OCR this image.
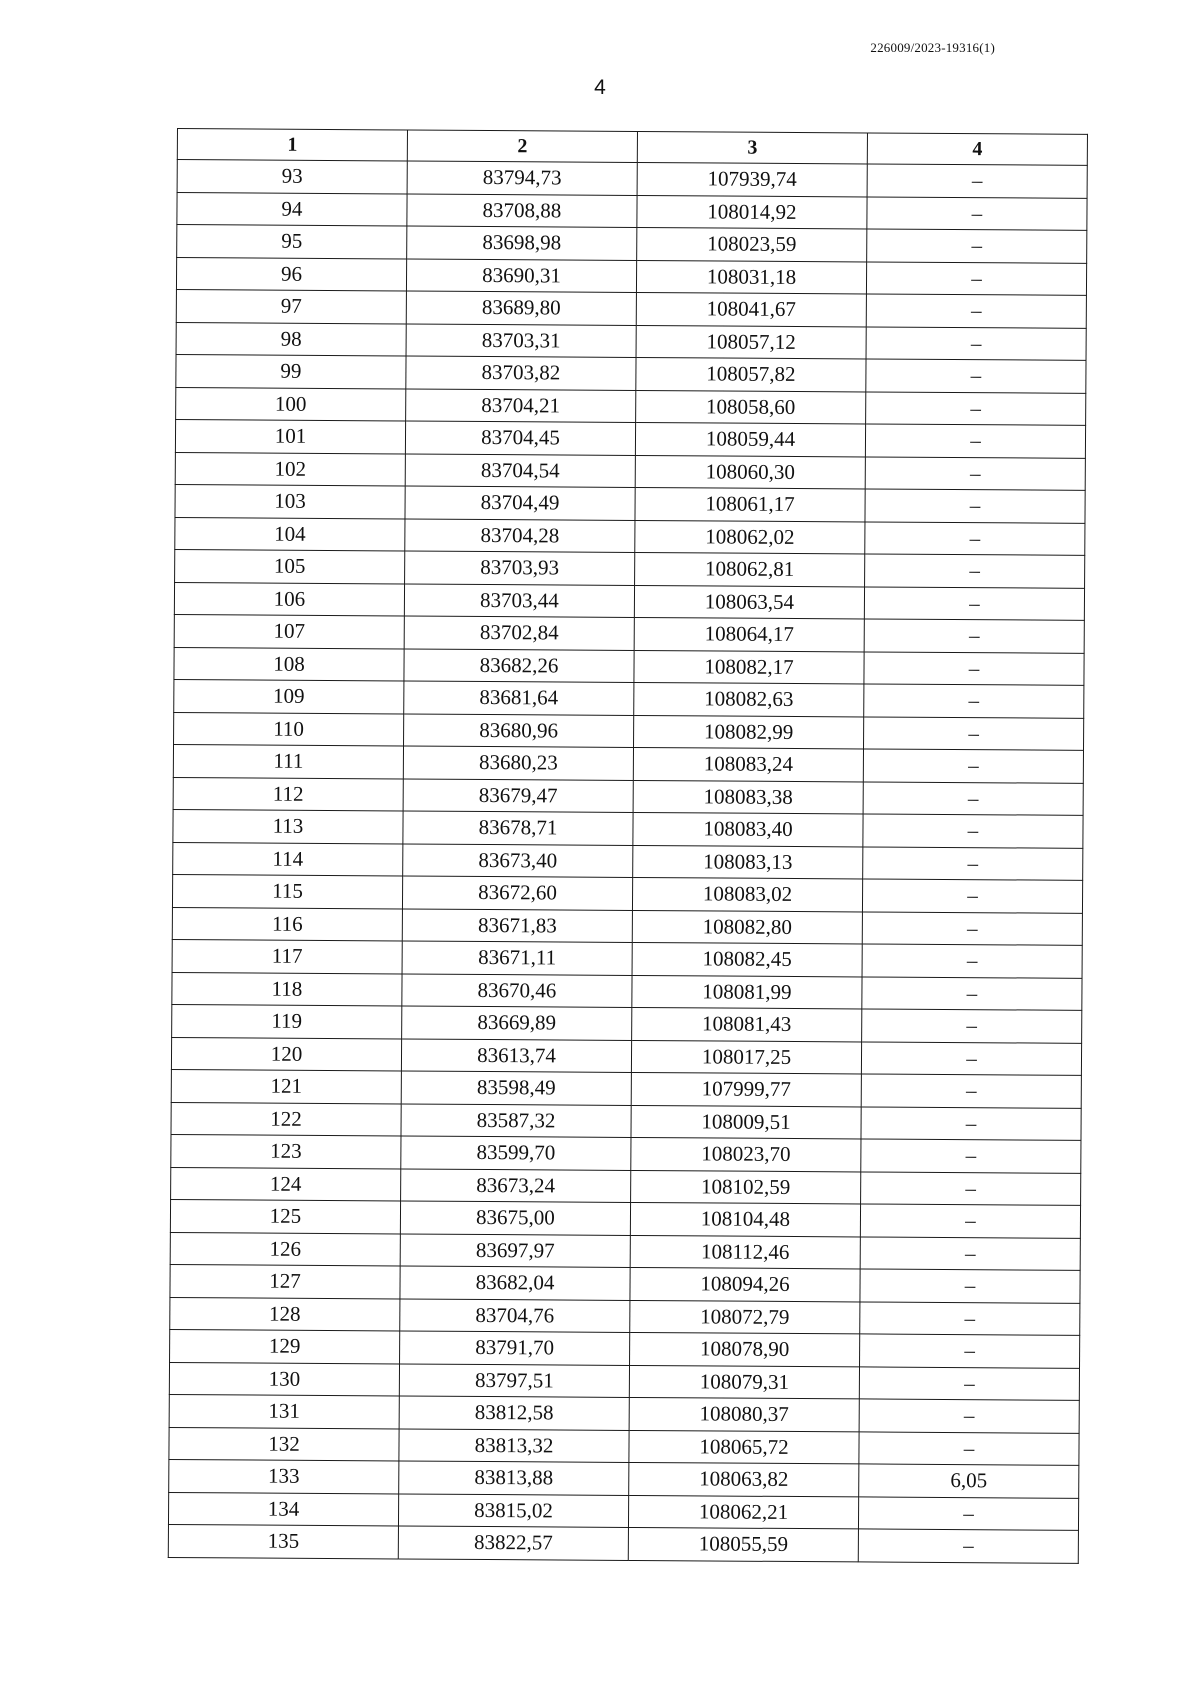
226009/2023-19316(1)
4
1	2	3	4
93	83794,73	107939,74	–
94	83708,88	108014,92	–
95	83698,98	108023,59	–
96	83690,31	108031,18	–
97	83689,80	108041,67	–
98	83703,31	108057,12	–
99	83703,82	108057,82	–
100	83704,21	108058,60	–
101	83704,45	108059,44	–
102	83704,54	108060,30	–
103	83704,49	108061,17	–
104	83704,28	108062,02	–
105	83703,93	108062,81	–
106	83703,44	108063,54	–
107	83702,84	108064,17	–
108	83682,26	108082,17	–
109	83681,64	108082,63	–
110	83680,96	108082,99	–
111	83680,23	108083,24	–
112	83679,47	108083,38	–
113	83678,71	108083,40	–
114	83673,40	108083,13	–
115	83672,60	108083,02	–
116	83671,83	108082,80	–
117	83671,11	108082,45	–
118	83670,46	108081,99	–
119	83669,89	108081,43	–
120	83613,74	108017,25	–
121	83598,49	107999,77	–
122	83587,32	108009,51	–
123	83599,70	108023,70	–
124	83673,24	108102,59	–
125	83675,00	108104,48	–
126	83697,97	108112,46	–
127	83682,04	108094,26	–
128	83704,76	108072,79	–
129	83791,70	108078,90	–
130	83797,51	108079,31	–
131	83812,58	108080,37	–
132	83813,32	108065,72	–
133	83813,88	108063,82	6,05
134	83815,02	108062,21	–
135	83822,57	108055,59	–
